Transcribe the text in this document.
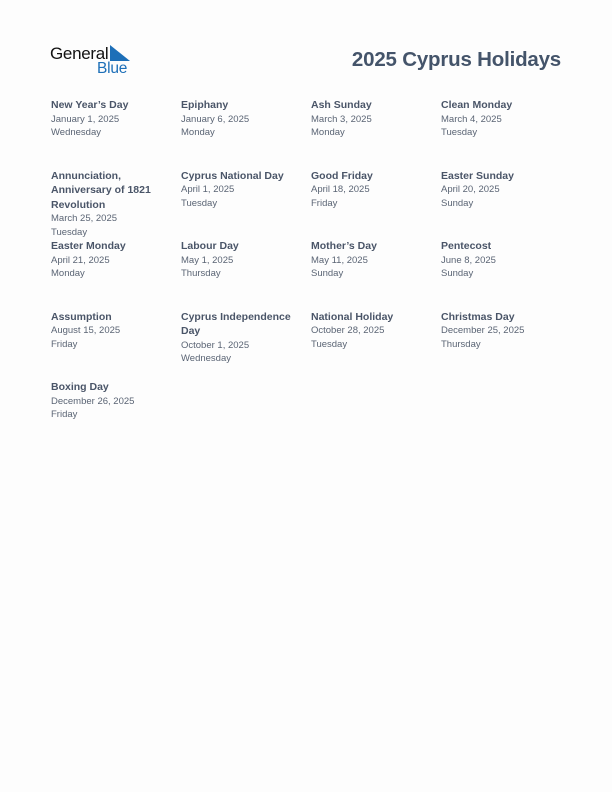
General
Blue	2025 Cyprus Holidays
New Year’s Day
January 1, 2025
Wednesday
Epiphany
January 6, 2025
Monday
Ash Sunday
March 3, 2025
Monday
Clean Monday
March 4, 2025
Tuesday
Annunciation, Anniversary of 1821 Revolution
March 25, 2025
Tuesday
Cyprus National Day
April 1, 2025
Tuesday
Good Friday
April 18, 2025
Friday
Easter Sunday
April 20, 2025
Sunday
Easter Monday
April 21, 2025
Monday
Labour Day
May 1, 2025
Thursday
Mother’s Day
May 11, 2025
Sunday
Pentecost
June 8, 2025
Sunday
Assumption
August 15, 2025
Friday
Cyprus Independence Day
October 1, 2025
Wednesday
National Holiday
October 28, 2025
Tuesday
Christmas Day
December 25, 2025
Thursday
Boxing Day
December 26, 2025
Friday
